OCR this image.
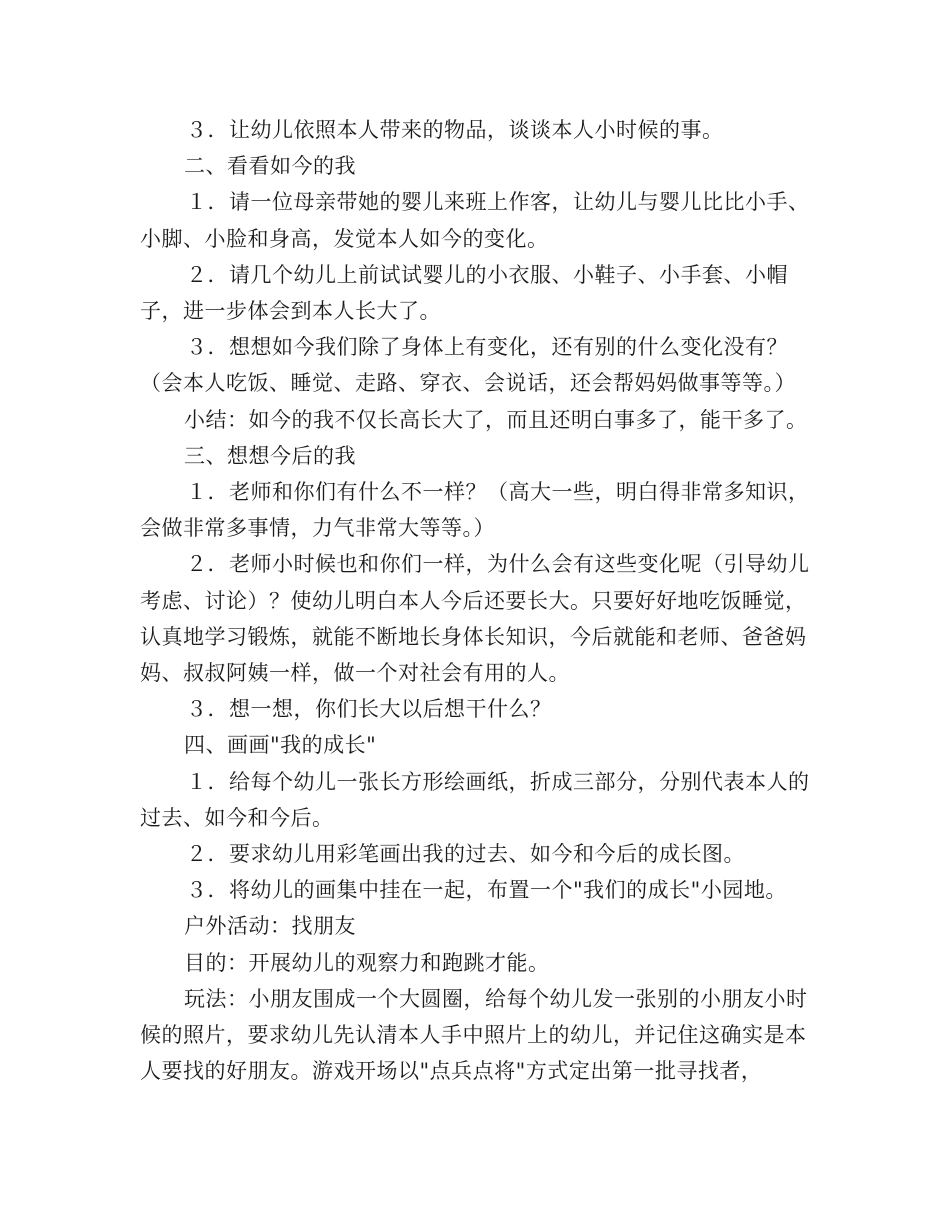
３．让幼儿依照本人带来的物品，谈谈本人小时候的事。

二、看看如今的我

１．请一位母亲带她的婴儿来班上作客，让幼儿与婴儿比比小手、小脚、小脸和身高，发觉本人如今的变化。

２．请几个幼儿上前试试婴儿的小衣服、小鞋子、小手套、小帽子，进一步体会到本人长大了。

３．想想如今我们除了身体上有变化，还有别的什么变化没有？（会本人吃饭、睡觉、走路、穿衣、会说话，还会帮妈妈做事等等。）

小结：如今的我不仅长高长大了，而且还明白事多了，能干多了。

三、想想今后的我

１．老师和你们有什么不一样？（高大一些，明白得非常多知识，会做非常多事情，力气非常大等等。）

２．老师小时候也和你们一样，为什么会有这些变化呢（引导幼儿考虑、讨论）？使幼儿明白本人今后还要长大。只要好好地吃饭睡觉，认真地学习锻炼，就能不断地长身体长知识，今后就能和老师、爸爸妈妈、叔叔阿姨一样，做一个对社会有用的人。

３．想一想，你们长大以后想干什么？

四、画画"我的成长"

１．给每个幼儿一张长方形绘画纸，折成三部分，分别代表本人的过去、如今和今后。

２．要求幼儿用彩笔画出我的过去、如今和今后的成长图。

３．将幼儿的画集中挂在一起，布置一个"我们的成长"小园地。

户外活动：找朋友

目的：开展幼儿的观察力和跑跳才能。

玩法：小朋友围成一个大圆圈，给每个幼儿发一张别的小朋友小时候的照片，要求幼儿先认清本人手中照片上的幼儿，并记住这确实是本人要找的好朋友。游戏开场以"点兵点将"方式定出第一批寻找者，
